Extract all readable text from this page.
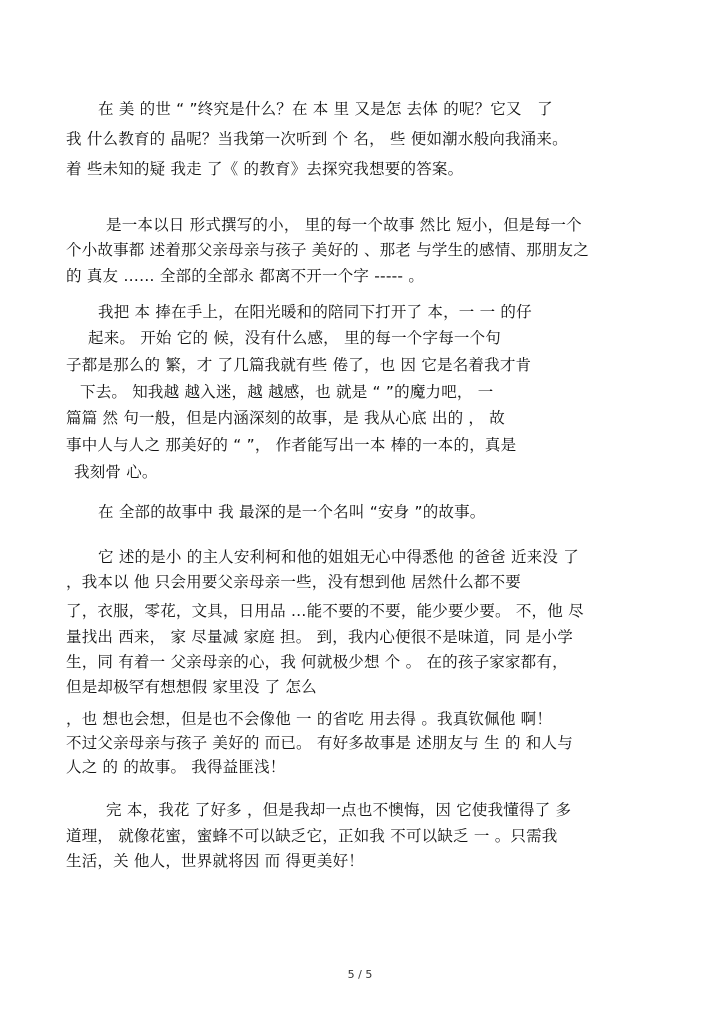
在 美 的世 “ ”终究是什么？在 本 里 又是怎 去体 的呢？它又   了
我 什么教育的 晶呢？当我第一次听到 个 名， 些 便如潮水般向我涌来。
着 些未知的疑 我走 了《 的教育》去探究我想要的答案。
是一本以日 形式撰写的小， 里的每一个故事 然比 短小，但是每一个
个小故事都 述着那父亲母亲与孩子 美好的 、那老 与学生的感情、那朋友之
的 真友 …… 全部的全部永 都离不开一个字 ----- 。
我把 本 捧在手上，在阳光暖和的陪同下打开了 本，一 一 的仔
起来。 开始 它的 候，没有什么感， 里的每一个字每一个句
子都是那么的 繁，才 了几篇我就有些 倦了，也 因 它是名着我才肯
下去。 知我越 越入迷，越 越感，也 就是 “ ”的魔力吧， 一
篇篇 然 句一般，但是内涵深刻的故事，是 我从心底 出的 ， 故
事中人与人之 那美好的 “ ”， 作者能写出一本 棒的一本的，真是
我刻骨 心。
在 全部的故事中 我 最深的是一个名叫 “安身 ”的故事。
它 述的是小 的主人安利柯和他的姐姐无心中得悉他 的爸爸 近来没 了
，我本以 他 只会用要父亲母亲一些，没有想到他 居然什么都不要
了，衣服，零花，文具，日用品 …能不要的不要，能少要少要。 不，他 尽
量找出 西来， 家 尽量减 家庭 担。 到，我内心便很不是味道，同 是小学
生，同 有着一 父亲母亲的心，我 何就极少想 个 。 在的孩子家家都有，
但是却极罕有想想假 家里没 了 怎么
，也 想也会想，但是也不会像他 一 的省吃 用去得 。我真钦佩他 啊！
不过父亲母亲与孩子 美好的 而已。 有好多故事是 述朋友与 生 的 和人与
人之 的 的故事。 我得益匪浅！
完 本，我花 了好多 ，但是我却一点也不懊悔，因 它使我懂得了 多
道理， 就像花蜜，蜜蜂不可以缺乏它，正如我 不可以缺乏 一 。只需我
生活，关 他人，世界就将因 而 得更美好！
5 / 5
